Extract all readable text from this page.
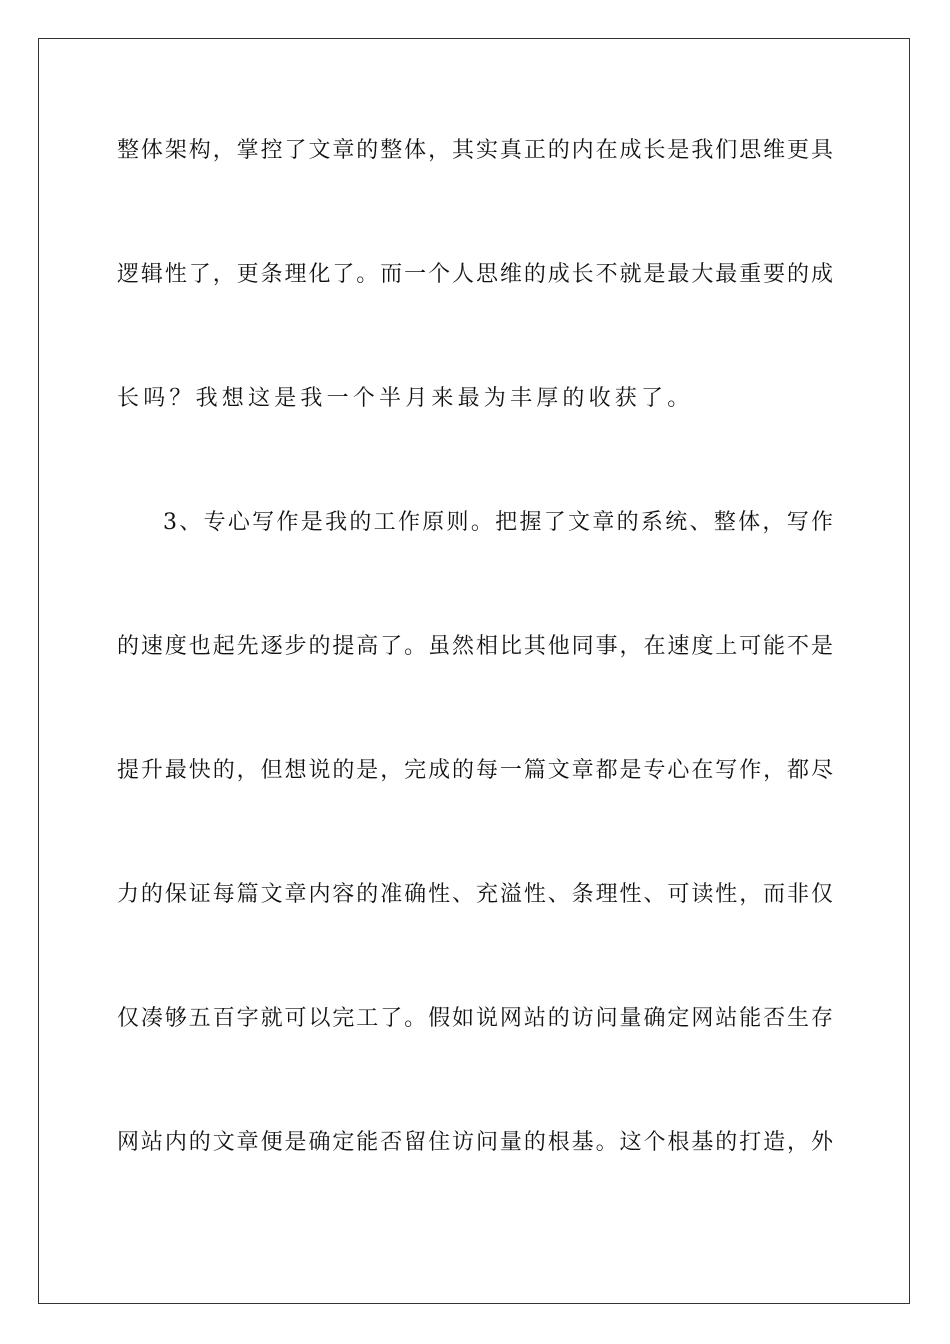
整体架构，掌控了文章的整体，其实真正的内在成长是我们思维更具
逻辑性了，更条理化了。而一个人思维的成长不就是最大最重要的成
长吗？我想这是我一个半月来最为丰厚的收获了。
3、专心写作是我的工作原则。把握了文章的系统、整体，写作
的速度也起先逐步的提高了。虽然相比其他同事，在速度上可能不是
提升最快的，但想说的是，完成的每一篇文章都是专心在写作，都尽
力的保证每篇文章内容的准确性、充溢性、条理性、可读性，而非仅
仅凑够五百字就可以完工了。假如说网站的访问量确定网站能否生存
网站内的文章便是确定能否留住访问量的根基。这个根基的打造，外
